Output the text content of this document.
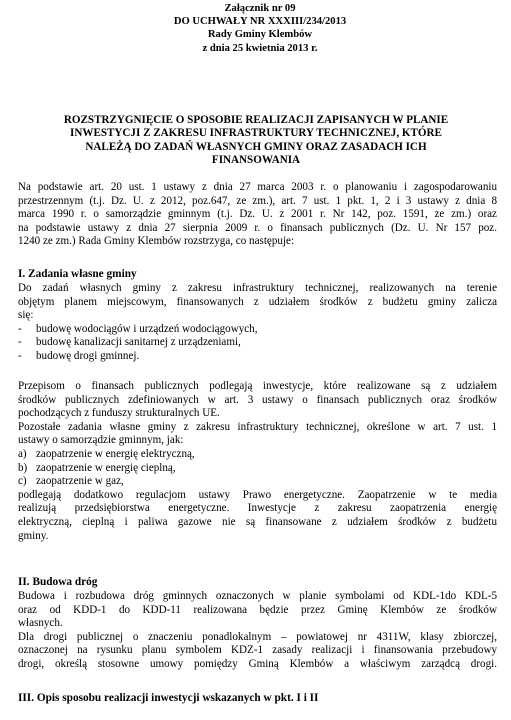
Załącznik nr 09
DO UCHWAŁY NR XXXIII/234/2013
Rady Gminy Klembów
z dnia 25 kwietnia 2013 r.
ROZSTRZYGNIĘCIE O SPOSOBIE REALIZACJI ZAPISANYCH W PLANIE
INWESTYCJI Z ZAKRESU INFRASTRUKTURY TECHNICZNEJ, KTÓRE
NALEŻĄ DO ZADAŃ WŁASNYCH GMINY ORAZ ZASADACH ICH
FINANSOWANIA
Na podstawie art. 20 ust. 1 ustawy z dnia 27 marca 2003 r. o planowaniu i zagospodarowaniu
przestrzennym (t.j. Dz. U. z 2012, poz.647, ze zm.), art. 7 ust. 1 pkt. 1, 2 i 3 ustawy z dnia 8
marca 1990 r. o samorządzie gminnym (t.j. Dz. U. z 2001 r. Nr 142, poz. 1591, ze zm.) oraz
na podstawie ustawy z dnia 27 sierpnia 2009 r. o finansach publicznych (Dz. U. Nr 157 poz.
1240 ze zm.) Rada Gminy Klembów rozstrzyga, co następuje:
I. Zadania własne gminy
Do zadań własnych gminy z zakresu infrastruktury technicznej, realizowanych na terenie
objętym planem miejscowym, finansowanych z udziałem środków z budżetu gminy zalicza
się:
- budowę wodociągów i urządzeń wodociągowych,
- budowę kanalizacji sanitarnej z urządzeniami,
- budowę drogi gminnej.
Przepisom o finansach publicznych podlegają inwestycje, które realizowane są z udziałem
środków publicznych zdefiniowanych w art. 3 ustawy o finansach publicznych oraz środków
pochodzących z funduszy strukturalnych UE.
Pozostałe zadania własne gminy z zakresu infrastruktury technicznej, określone w art. 7 ust. 1
ustawy o samorządzie gminnym, jak:
a) zaopatrzenie w energię elektryczną,
b) zaopatrzenie w energię cieplną,
c) zaopatrzenie w gaz,
podlegają dodatkowo regulacjom ustawy Prawo energetyczne. Zaopatrzenie w te media
realizują przedsiębiorstwa energetyczne. Inwestycje z zakresu zaopatrzenia energię
elektryczną, cieplną i paliwa gazowe nie są finansowane z udziałem środków z budżetu
gminy.
II. Budowa dróg
Budowa i rozbudowa dróg gminnych oznaczonych w planie symbolami od KDL-1do KDL-5
oraz od KDD-1 do KDD-11 realizowana będzie przez Gminę Klembów ze środków
własnych.
Dla drogi publicznej o znaczeniu ponadlokalnym – powiatowej nr 4311W, klasy zbiorczej,
oznaczonej na rysunku planu symbolem KDZ-1 zasady realizacji i finansowania przebudowy
drogi, określą stosowne umowy pomiędzy Gminą Klembów a właściwym zarządcą drogi.
III. Opis sposobu realizacji inwestycji wskazanych w pkt. I i II
